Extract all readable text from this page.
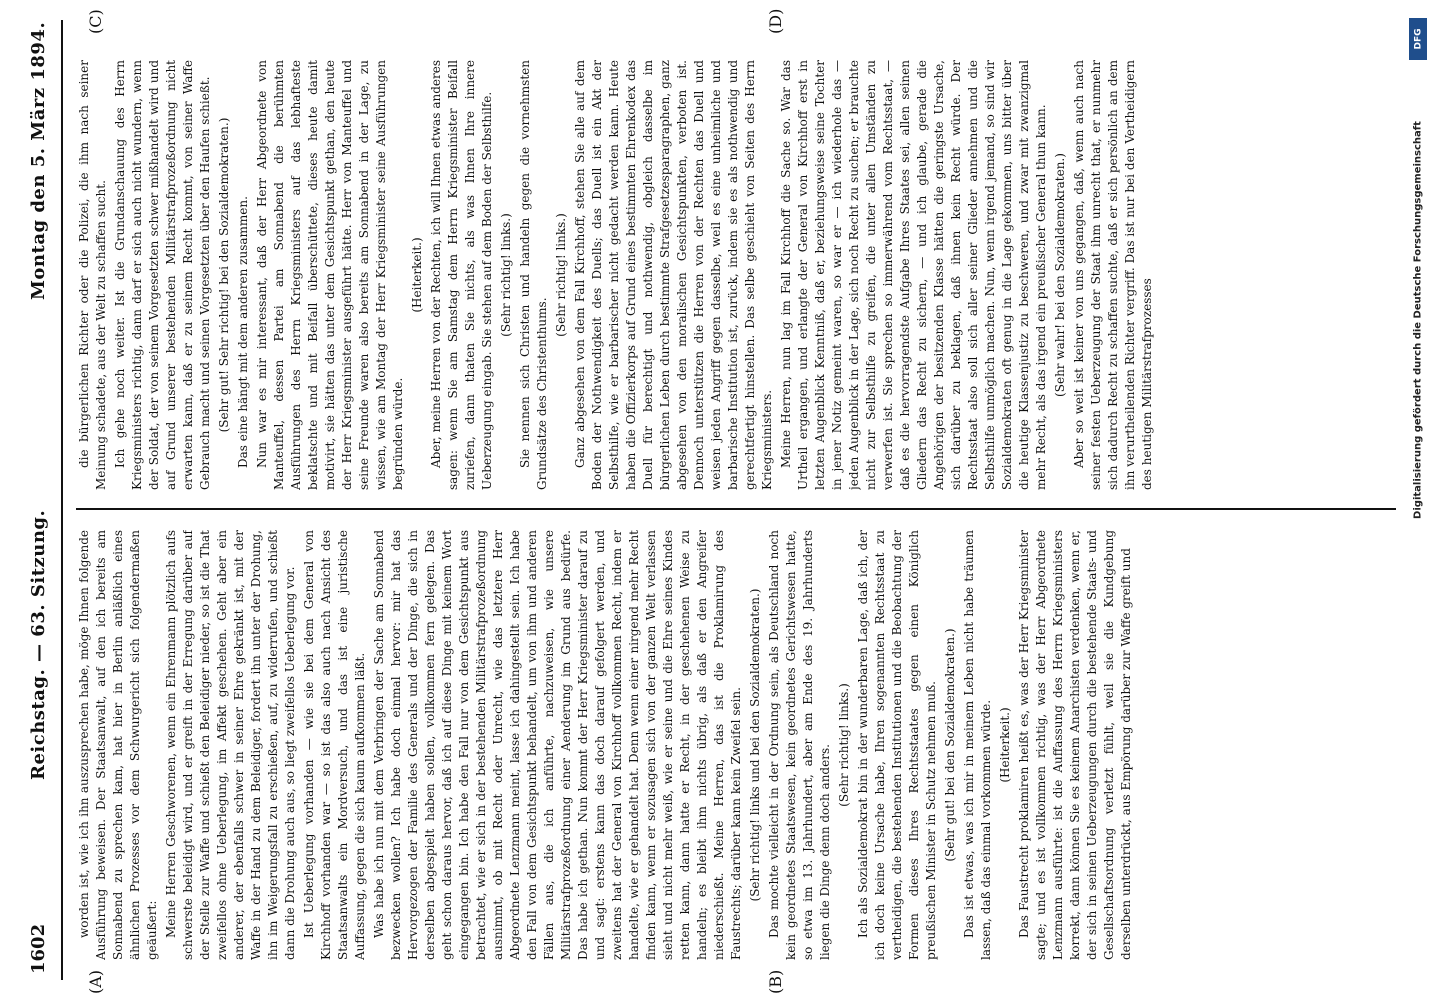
1602
Reichstag. — 63. Sitzung.
Montag den 5. März 1894.
(A)	(B)
(C)	(D)

worden ist, wie ich ihn auszusprechen habe, möge Ihnen folgende Ausführung beweisen. Der Staatsanwalt, auf den ich bereits am Sonnabend zu sprechen kam, hat hier in Berlin anläßlich eines ähnlichen Prozesses vor dem Schwurgericht sich folgendermaßen geäußert: Meine Herren Geschworenen, wenn ein Ehrenmann plötzlich aufs schwerste beleidigt wird, und er greift in der Erregung darüber auf der Stelle zur Waffe und schießt den Beleidiger nieder, so ist die That zweifellos ohne Ueberlegung, im Affekt geschehen. Geht aber ein anderer, der ebenfalls schwer in seiner Ehre gekränkt ist, mit der Waffe in der Hand zu dem Beleidiger, fordert ihn unter der Drohung, ihn im Weigerungsfall zu erschießen, auf, zu widerrufen, und schießt dann die Drohung auch aus, so liegt zweifellos Ueberlegung vor. Ist Ueberlegung vorhanden — wie sie bei dem General von Kirchhoff vorhanden war — so ist das also auch nach Ansicht des Staatsanwalts ein Mordversuch, und das ist eine juristische Auffassung, gegen die sich kaum aufkommen läßt. Was habe ich nun mit dem Verbringen der Sache am Sonnabend bezwecken wollen? Ich habe doch einmal hervor: mir hat das Hervorgezogen der Familie des Generals und der Dinge, die sich in derselben abgespielt haben sollen, vollkommen fern gelegen. Das geht schon daraus hervor, daß ich auf diese Dinge mit keinem Wort eingegangen bin. Ich habe den Fall nur von dem Gesichtspunkt aus betrachtet, wie er sich in der bestehenden Militärstrafprozeßordnung ausnimmt, ob mit Recht oder Unrecht, wie das letztere Herr Abgeordnete Lenzmann meint, lasse ich dahingestellt sein. Ich habe den Fall von dem Gesichtspunkt behandelt, um von ihm und anderen Fällen aus, die ich anführte, nachzuweisen, wie unsere Militärstrafprozeßordnung einer Aenderung im Grund aus bedürfe. Das habe ich gethan. Nun kommt der Herr Kriegsminister darauf zu und sagt: erstens kann das doch darauf gefolgert werden, und zweitens hat der General von Kirchhoff vollkommen Recht, indem er handelte, wie er gehandelt hat. Denn wenn einer nirgend mehr Recht finden kann, wenn er sozusagen sich von der ganzen Welt verlassen sieht und nicht mehr weiß, wie er seine und die Ehre seines Kindes retten kann, dann hatte er Recht, in der geschehenen Weise zu handeln; es bleibt ihm nichts übrig, als daß er den Angreifer niederschießt. Meine Herren, das ist die Proklamirung des Faustrechts; darüber kann kein Zweifel sein. (Sehr richtig! links und bei den Sozialdemokraten.) Das mochte vielleicht in der Ordnung sein, als Deutschland noch kein geordnetes Staatswesen, kein geordnetes Gerichtswesen hatte, so etwa im 13. Jahrhundert, aber am Ende des 19. Jahrhunderts liegen die Dinge denn doch anders. (Sehr richtig! links.) Ich als Sozialdemokrat bin in der wunderbaren Lage, daß ich, der ich doch keine Ursache habe, Ihren sogenannten Rechtsstaat zu vertheidigen, die bestehenden Institutionen und die Beobachtung der Formen dieses Ihres Rechtsstaates gegen einen Königlich preußischen Minister in Schutz nehmen muß. (Sehr gut! bei den Sozialdemokraten.) Das ist etwas, was ich mir in meinem Leben nicht habe träumen lassen, daß das einmal vorkommen würde. (Heiterkeit.) Das Faustrecht proklamiren heißt es, was der Herr Kriegsminister sagte; und es ist vollkommen richtig, was der Herr Abgeordnete Lenzmann ausführte: ist die Auffassung des Herrn Kriegsministers korrekt, dann können Sie es keinem Anarchisten verdenken, wenn er, der sich in seinen Ueberzeugungen durch die bestehende Staats- und Gesellschaftsordnung verletzt fühlt, weil sie die Kundgebung derselben unterdrückt, aus Empörung darüber zur Waffe greift und

die bürgerlichen Richter oder die Polizei, die ihm nach seiner Meinung schadete, aus der Welt zu schaffen sucht. Ich gehe noch weiter. Ist die Grundanschauung des Herrn Kriegsministers richtig, dann darf er sich auch nicht wundern, wenn der Soldat, der von seinem Vorgesetzten schwer mißhandelt wird und auf Grund unserer bestehenden Militärstrafprozeßordnung nicht erwarten kann, daß er zu seinem Recht kommt, von seiner Waffe Gebrauch macht und seinen Vorgesetzten über den Haufen schießt. (Sehr gut! Sehr richtig! bei den Sozialdemokraten.) Das eine hängt mit dem anderen zusammen. Nun war es mir interessant, daß der Herr Abgeordnete von Manteuffel, dessen Partei am Sonnabend die berühmten Ausführungen des Herrn Kriegsministers auf das lebhafteste beklatschte und mit Beifall überschüttete, dieses heute damit motivirt, sie hätten das unter dem Gesichtspunkt gethan, den heute der Herr Kriegsminister ausgeführt hätte. Herr von Manteuffel und seine Freunde waren also bereits am Sonnabend in der Lage, zu wissen, wie am Montag der Herr Kriegsminister seine Ausführungen begründen würde.

(Heiterkeit.) Aber, meine Herren von der Rechten, ich will Ihnen etwas anderes sagen: wenn Sie am Samstag dem Herrn Kriegsminister Beifall zuriefen, dann thaten Sie nichts, als was Ihnen Ihre innere Ueberzeugung eingab. Sie stehen auf dem Boden der Selbsthilfe. (Sehr richtig! links.) Sie nennen sich Christen und handeln gegen die vornehmsten Grundsätze des Christenthums.

(Sehr richtig! links.) Ganz abgesehen von dem Fall Kirchhoff, stehen Sie alle auf dem Boden der Nothwendigkeit des Duells; das Duell ist ein Akt der Selbsthilfe, wie er barbarischer nicht gedacht werden kann. Heute haben die Offizierkorps auf Grund eines bestimmten Ehrenkodex das Duell für berechtigt und nothwendig, obgleich dasselbe im bürgerlichen Leben durch bestimmte Strafgesetzesparagraphen, ganz abgesehen von den moralischen Gesichtspunkten, verboten ist. Dennoch unterstützen die Herren von der Rechten das Duell und weisen jeden Angriff gegen dasselbe, weil es eine unheimliche und barbarische Institution ist, zurück, indem sie es als nothwendig und gerechtfertigt hinstellen. Das selbe geschieht von Seiten des Herrn Kriegsministers. Meine Herren, nun lag im Fall Kirchhoff die Sache so. War das Urtheil ergangen, und erlangte der General von Kirchhoff erst in letzten Augenblick Kenntniß, daß er, beziehungsweise seine Tochter in jener Notiz gemeint waren, so war er — ich wiederhole das — jeden Augenblick in der Lage, sich noch Recht zu suchen; er brauchte nicht zur Selbsthilfe zu greifen, die unter allen Umständen zu verwerfen ist. Sie sprechen so immerwährend vom Rechtsstaat, — daß es die hervorragendste Aufgabe Ihres Staates sei, allen seinen Gliedern das Recht zu sichern, — und ich glaube, gerade die Angehörigen der besitzenden Klasse hätten die geringste Ursache, sich darüber zu beklagen, daß ihnen kein Recht würde. Der Rechtsstaat also soll sich aller seiner Glieder annehmen und die Selbsthilfe unmöglich machen. Nun, wenn irgend jemand, so sind wir Sozialdemokraten oft genug in die Lage gekommen, uns bitter über die heutige Klassenjustiz zu beschweren, und zwar mit zwanzigmal mehr Recht, als das irgend ein preußischer General thun kann. (Sehr wahr! bei den Sozialdemokraten.) Aber so weit ist keiner von uns gegangen, daß, wenn auch nach seiner festen Ueberzeugung der Staat ihm unrecht that, er nunmehr sich dadurch Recht zu schaffen suchte, daß er sich persönlich an dem ihn verurtheilenden Richter vergriff. Das ist nur bei den Vertheidigern des heutigen Militärstrafprozesses

DFG
Digitalisierung gefördert durch die Deutsche Forschungsgemeinschaft
